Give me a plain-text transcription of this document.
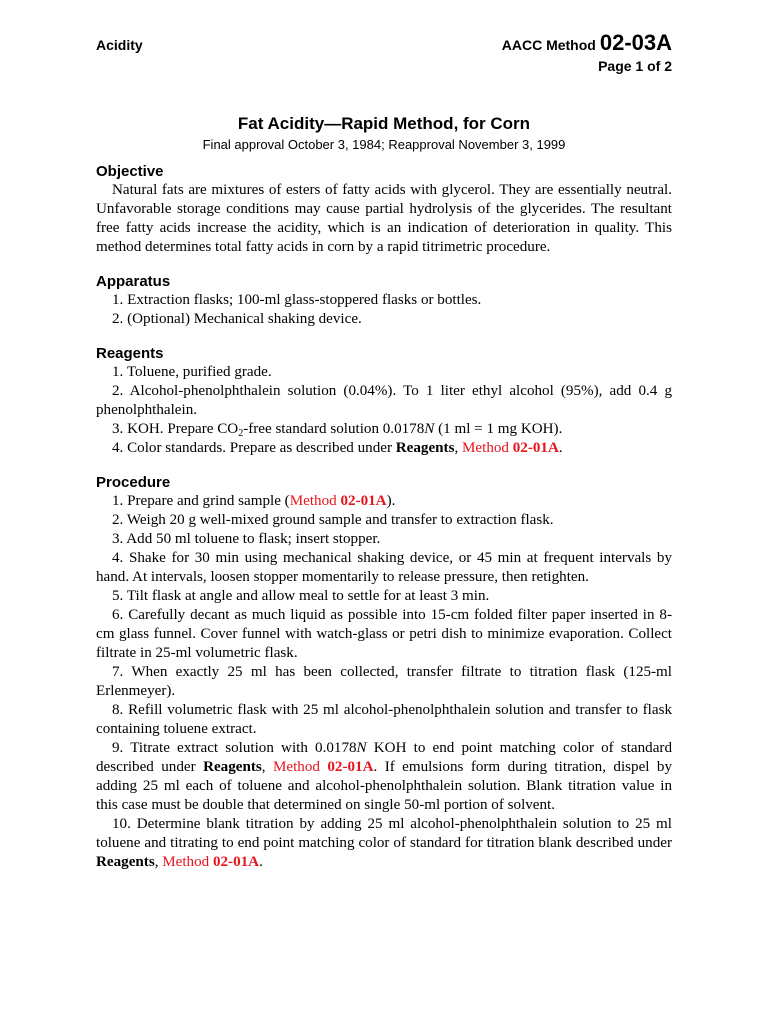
Acidity	AACC Method 02-03A
Page 1 of 2
Fat Acidity—Rapid Method, for Corn
Final approval October 3, 1984; Reapproval November 3, 1999
Objective

Natural fats are mixtures of esters of fatty acids with glycerol. They are essentially neutral. Unfavorable storage conditions may cause partial hydrolysis of the glycerides. The resultant free fatty acids increase the acidity, which is an indication of deterioration in quality. This method determines total fatty acids in corn by a rapid titrimetric procedure.

Apparatus

1. Extraction flasks; 100-ml glass-stoppered flasks or bottles.

2. (Optional) Mechanical shaking device.

Reagents

1. Toluene, purified grade.

2. Alcohol-phenolphthalein solution (0.04%). To 1 liter ethyl alcohol (95%), add 0.4 g phenolphthalein.

3. KOH. Prepare $CO_2$-free standard solution 0.0178N (1 ml = 1 mg KOH).

4. Color standards. Prepare as described under Reagents, Method 02-01A.

Procedure

1. Prepare and grind sample (Method 02-01A).

2. Weigh 20 g well-mixed ground sample and transfer to extraction flask.

3. Add 50 ml toluene to flask; insert stopper.

4. Shake for 30 min using mechanical shaking device, or 45 min at frequent intervals by hand. At intervals, loosen stopper momentarily to release pressure, then retighten.

5. Tilt flask at angle and allow meal to settle for at least 3 min.

6. Carefully decant as much liquid as possible into 15-cm folded filter paper inserted in 8-cm glass funnel. Cover funnel with watch-glass or petri dish to minimize evaporation. Collect filtrate in 25-ml volumetric flask.

7. When exactly 25 ml has been collected, transfer filtrate to titration flask (125-ml Erlenmeyer).

8. Refill volumetric flask with 25 ml alcohol-phenolphthalein solution and transfer to flask containing toluene extract.

9. Titrate extract solution with 0.0178N KOH to end point matching color of standard described under Reagents, Method 02-01A. If emulsions form during titration, dispel by adding 25 ml each of toluene and alcohol-phenolphthalein solution. Blank titration value in this case must be double that determined on single 50-ml portion of solvent.

10. Determine blank titration by adding 25 ml alcohol-phenolphthalein solution to 25 ml toluene and titrating to end point matching color of standard for titration blank described under Reagents, Method 02-01A.
